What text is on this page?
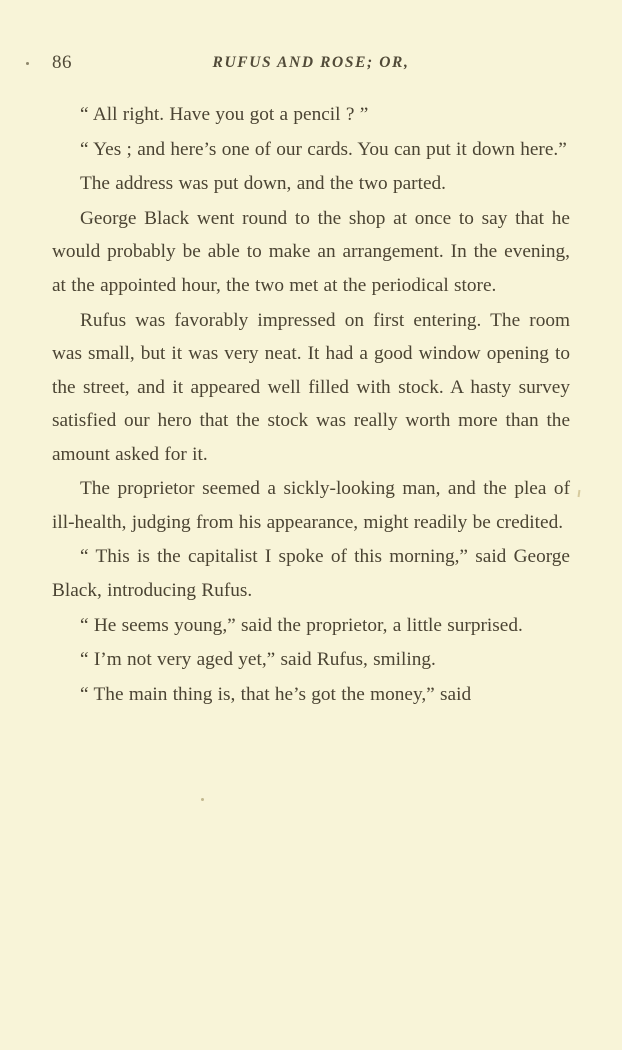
86	RUFUS AND ROSE; OR,

“ All right. Have you got a pencil ? ”

“ Yes ; and here’s one of our cards. You can put it down here.”

The address was put down, and the two parted.

George Black went round to the shop at once to say that he would probably be able to make an arrangement. In the evening, at the appointed hour, the two met at the periodical store.

Rufus was favorably impressed on first entering. The room was small, but it was very neat. It had a good window opening to the street, and it appeared well filled with stock. A hasty survey satisfied our hero that the stock was really worth more than the amount asked for it.

The proprietor seemed a sickly-looking man, and the plea of ill-health, judging from his appearance, might readily be credited.

“ This is the capitalist I spoke of this morning,” said George Black, introducing Rufus.

“ He seems young,” said the proprietor, a little surprised.

“ I’m not very aged yet,” said Rufus, smiling.

“ The main thing is, that he’s got the money,” said
